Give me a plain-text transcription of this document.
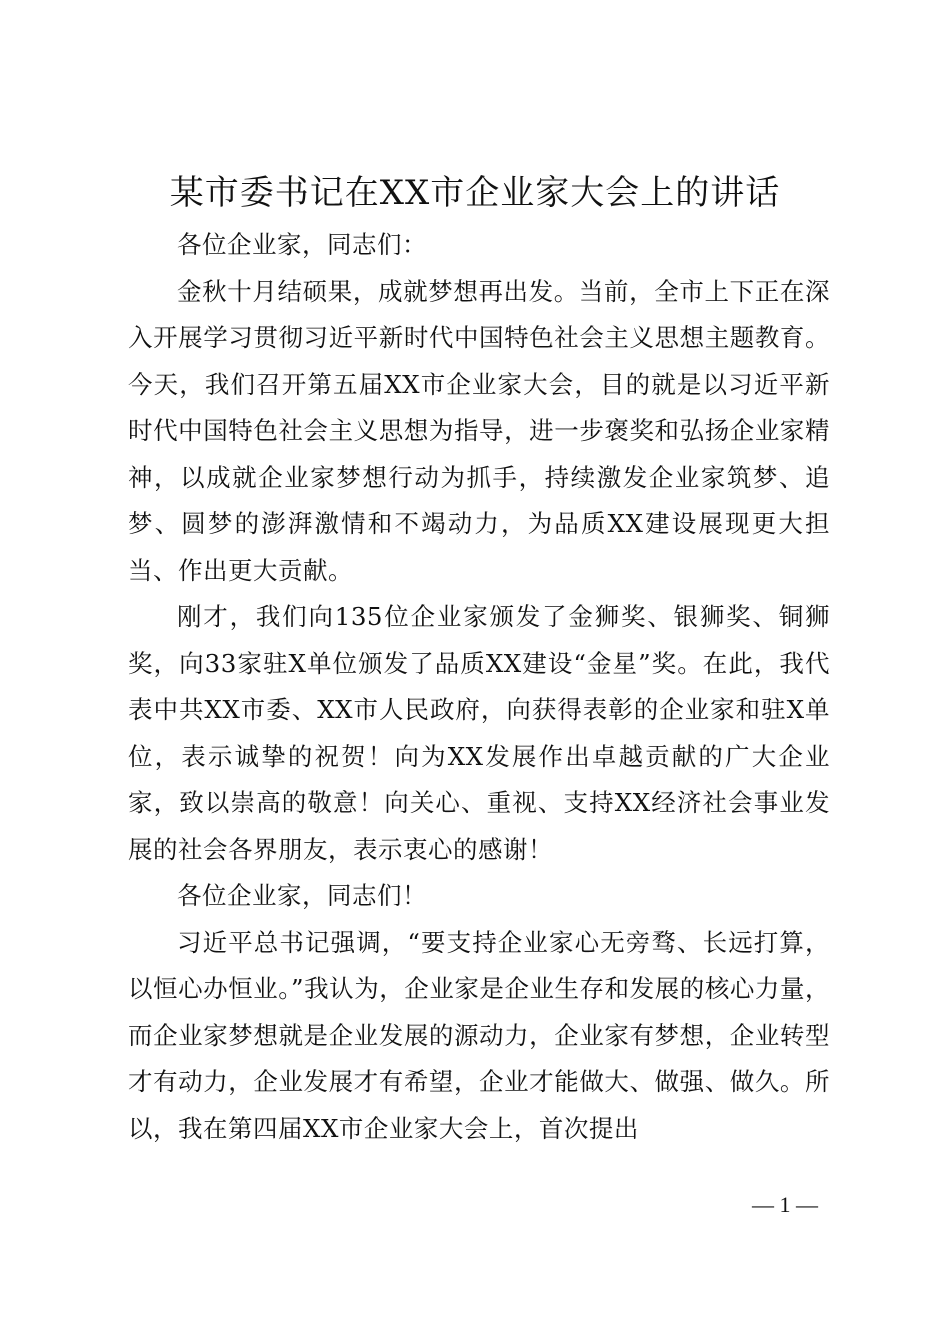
某市委书记在XX市企业家大会上的讲话

各位企业家，同志们：

金秋十月结硕果，成就梦想再出发。当前，全市上下正在深入开展学习贯彻习近平新时代中国特色社会主义思想主题教育。今天，我们召开第五届XX市企业家大会，目的就是以习近平新时代中国特色社会主义思想为指导，进一步褒奖和弘扬企业家精神，以成就企业家梦想行动为抓手，持续激发企业家筑梦、追梦、圆梦的澎湃激情和不竭动力，为品质XX建设展现更大担当、作出更大贡献。

刚才，我们向135位企业家颁发了金狮奖、银狮奖、铜狮奖，向33家驻X单位颁发了品质XX建设“金星”奖。在此，我代表中共XX市委、XX市人民政府，向获得表彰的企业家和驻X单位，表示诚挚的祝贺！向为XX发展作出卓越贡献的广大企业家，致以崇高的敬意！向关心、重视、支持XX经济社会事业发展的社会各界朋友，表示衷心的感谢！

各位企业家，同志们！

习近平总书记强调，“要支持企业家心无旁骛、长远打算，以恒心办恒业。”我认为，企业家是企业生存和发展的核心力量，而企业家梦想就是企业发展的源动力，企业家有梦想，企业转型才有动力，企业发展才有希望，企业才能做大、做强、做久。所以，我在第四届XX市企业家大会上，首次提出

— 1 —
